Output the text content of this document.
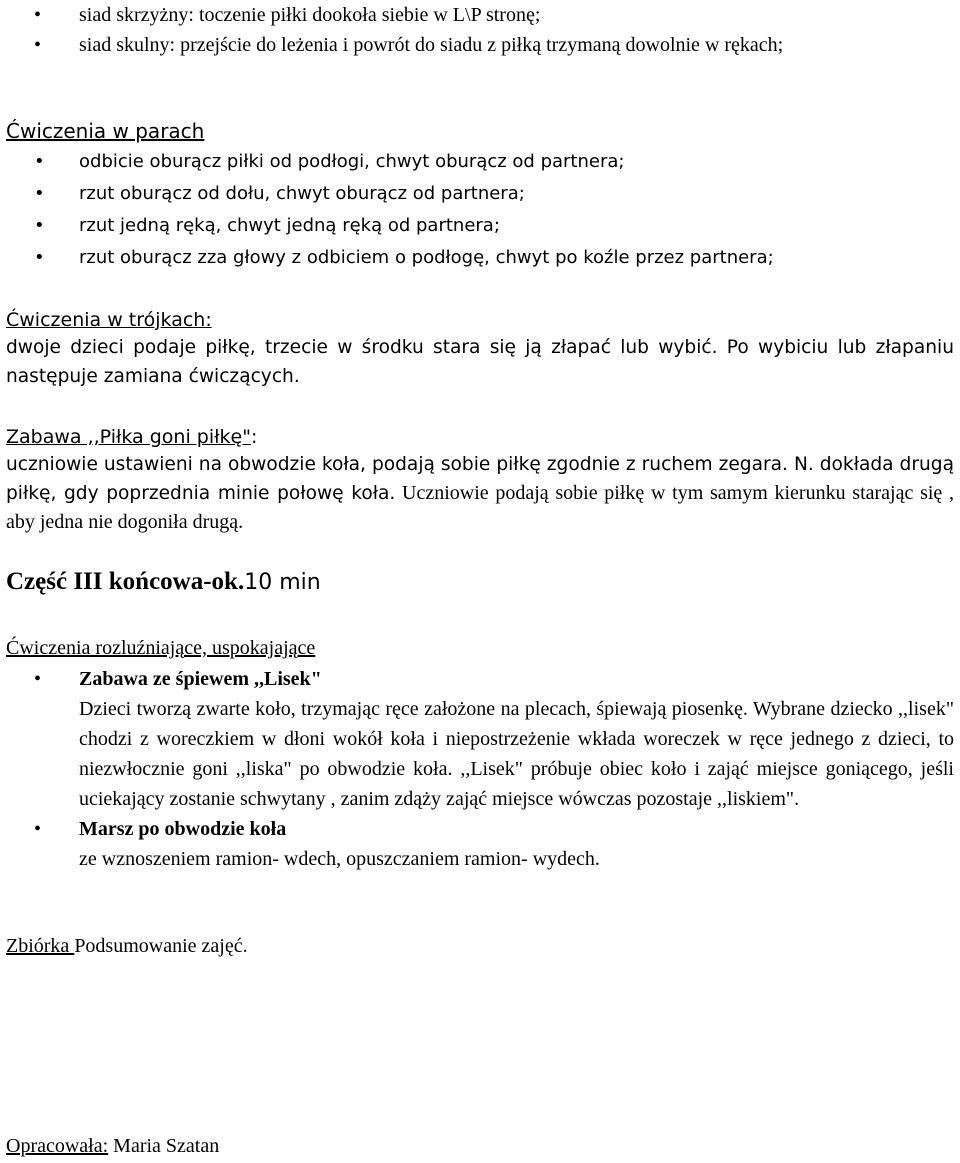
• siad skrzyżny: toczenie piłki dookoła siebie w L\P stronę;
• siad skulny: przejście do leżenia i powrót do siadu z piłką trzymaną dowolnie w rękach;
Ćwiczenia w parach
• odbicie oburącz piłki od podłogi, chwyt oburącz od partnera;
• rzut oburącz od dołu, chwyt oburącz od partnera;
• rzut jedną ręką, chwyt jedną ręką od partnera;
• rzut oburącz zza głowy z odbiciem o podłogę, chwyt po koźle przez partnera;
Ćwiczenia w trójkach:
dwoje dzieci podaje piłkę, trzecie w środku stara się ją złapać lub wybić. Po wybiciu lub złapaniu następuje zamiana ćwiczących.
Zabawa ,,Piłka goni piłkę":
uczniowie ustawieni na obwodzie koła, podają sobie piłkę zgodnie z ruchem zegara. N. dokłada drugą piłkę, gdy poprzednia minie połowę koła. Uczniowie podają sobie piłkę w tym samym kierunku starając się , aby jedna nie dogoniła drugą.
Część III końcowa-ok.10 min
Ćwiczenia rozluźniające, uspokajające
• Zabawa ze śpiewem ,,Lisek"
Dzieci tworzą zwarte koło, trzymając ręce założone na plecach, śpiewają piosenkę. Wybrane dziecko ,,lisek" chodzi z woreczkiem w dłoni wokół koła i niepostrzeżenie wkłada woreczek w ręce jednego z dzieci, to niezwłocznie goni ,,liska" po obwodzie koła. ,,Lisek" próbuje obiec koło i zająć miejsce goniącego, jeśli uciekający zostanie schwytany , zanim zdąży zająć miejsce wówczas pozostaje ,,liskiem".
• Marsz po obwodzie koła
ze wznoszeniem ramion- wdech, opuszczaniem ramion- wydech.
Zbiórka Podsumowanie zajęć.
Opracowała: Maria Szatan
